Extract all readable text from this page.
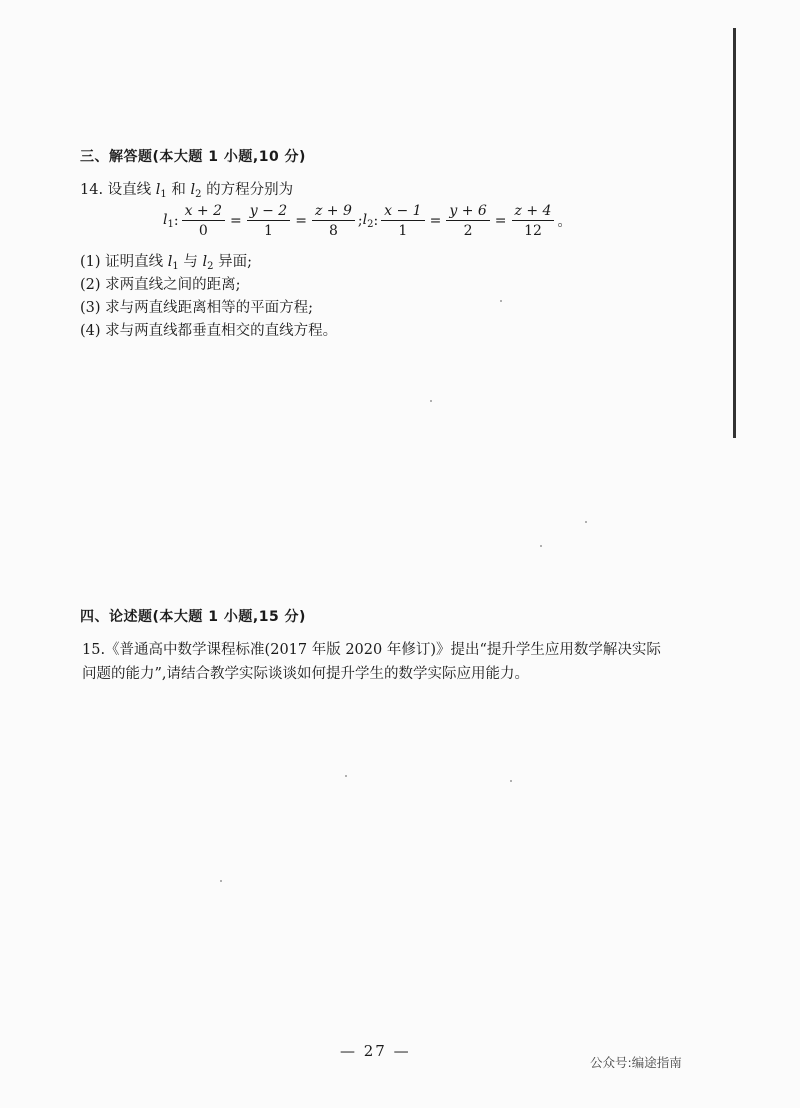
三、解答题(本大题 1 小题,10 分)
14. 设直线 $l_1$ 和 $l_2$ 的方程分别为
$l_1$ : $\frac{x + 2}{0} = \frac{y - 2}{1} = \frac{z + 9}{8}$ ; $l_2$ : $\frac{x - 1}{1} = \frac{y + 6}{2} = \frac{z + 4}{12}$ 。
(1) 证明直线 $l_1$ 与 $l_2$ 异面;
(2) 求两直线之间的距离;
(3) 求与两直线距离相等的平面方程;
(4) 求与两直线都垂直相交的直线方程。
四、论述题(本大题 1 小题,15 分)
15.《普通高中数学课程标准(2017 年版 2020 年修订)》提出“提升学生应用数学解决实际
问题的能力”,请结合教学实际谈谈如何提升学生的数学实际应用能力。
— 27 —
公众号:编途指南
